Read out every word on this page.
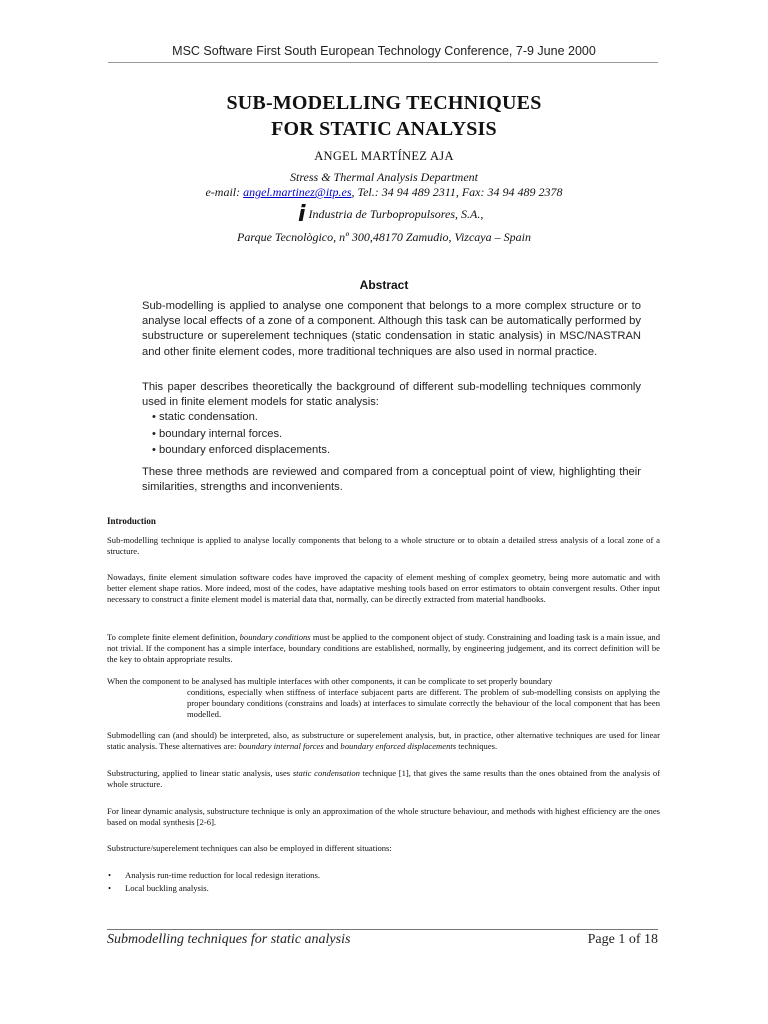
MSC Software First South European Technology Conference, 7-9 June 2000
SUB-MODELLING TECHNIQUES
FOR STATIC ANALYSIS
ANGEL MARTÍNEZ AJA
Stress & Thermal Analysis Department
e-mail: angel.martinez@itp.es, Tel.: 34 94 489 2311, Fax: 34 94 489 2378
i Industria de Turbopropulsores, S.A.,
Parque Tecnològico, nº 300,48170 Zamudio, Vizcaya – Spain
Abstract
Sub-modelling is applied to analyse one component that belongs to a more complex structure or to analyse local effects of a zone of a component. Although this task can be automatically performed by substructure or superelement techniques (static condensation in static analysis) in MSC/NASTRAN and other finite element codes, more traditional techniques are also used in normal practice.
This paper describes theoretically the background of different sub-modelling techniques commonly used in finite element models for static analysis:
• static condensation.
• boundary internal forces.
• boundary enforced displacements.
These three methods are reviewed and compared from a conceptual point of view, highlighting their similarities, strengths and inconvenients.
Introduction
Sub-modelling technique is applied to analyse locally components that belong to a whole structure or to obtain a detailed stress analysis of a local zone of a structure.
Nowadays, finite element simulation software codes have improved the capacity of element meshing of complex geometry, being more automatic and with better element shape ratios. More indeed, most of the codes, have adaptative meshing tools based on error estimators to obtain convergent results. Other input necessary to construct a finite element model is material data that, normally, can be directly extracted from material handbooks.
To complete finite element definition, boundary conditions must be applied to the component object of study. Constraining and loading task is a main issue, and not trivial. If the component has a simple interface, boundary conditions are established, normally, by engineering judgement, and its correct definition will be the key to obtain appropriate results.
When the component to be analysed has multiple interfaces with other components, it can be complicate to set properly boundary
conditions, especially when stiffness of interface subjacent parts are different. The problem of sub-modelling consists on applying the proper boundary conditions (constrains and loads) at interfaces to simulate correctly the behaviour of the local component that has been modelled.
Submodelling can (and should) be interpreted, also, as substructure or superelement analysis, but, in practice, other alternative techniques are used for linear static analysis. These alternatives are: boundary internal forces and boundary enforced displacements techniques.
Substructuring, applied to linear static analysis, uses static condensation technique [1], that gives the same results than the ones obtained from the analysis of whole structure.
For linear dynamic analysis, substructure technique is only an approximation of the whole structure behaviour, and methods with highest efficiency are the ones based on modal synthesis [2-6].
Substructure/superelement techniques can also be employed in different situations:
• Analysis run-time reduction for local redesign iterations.
• Local buckling analysis.
Submodelling techniques for static analysis	Page 1 of 18
